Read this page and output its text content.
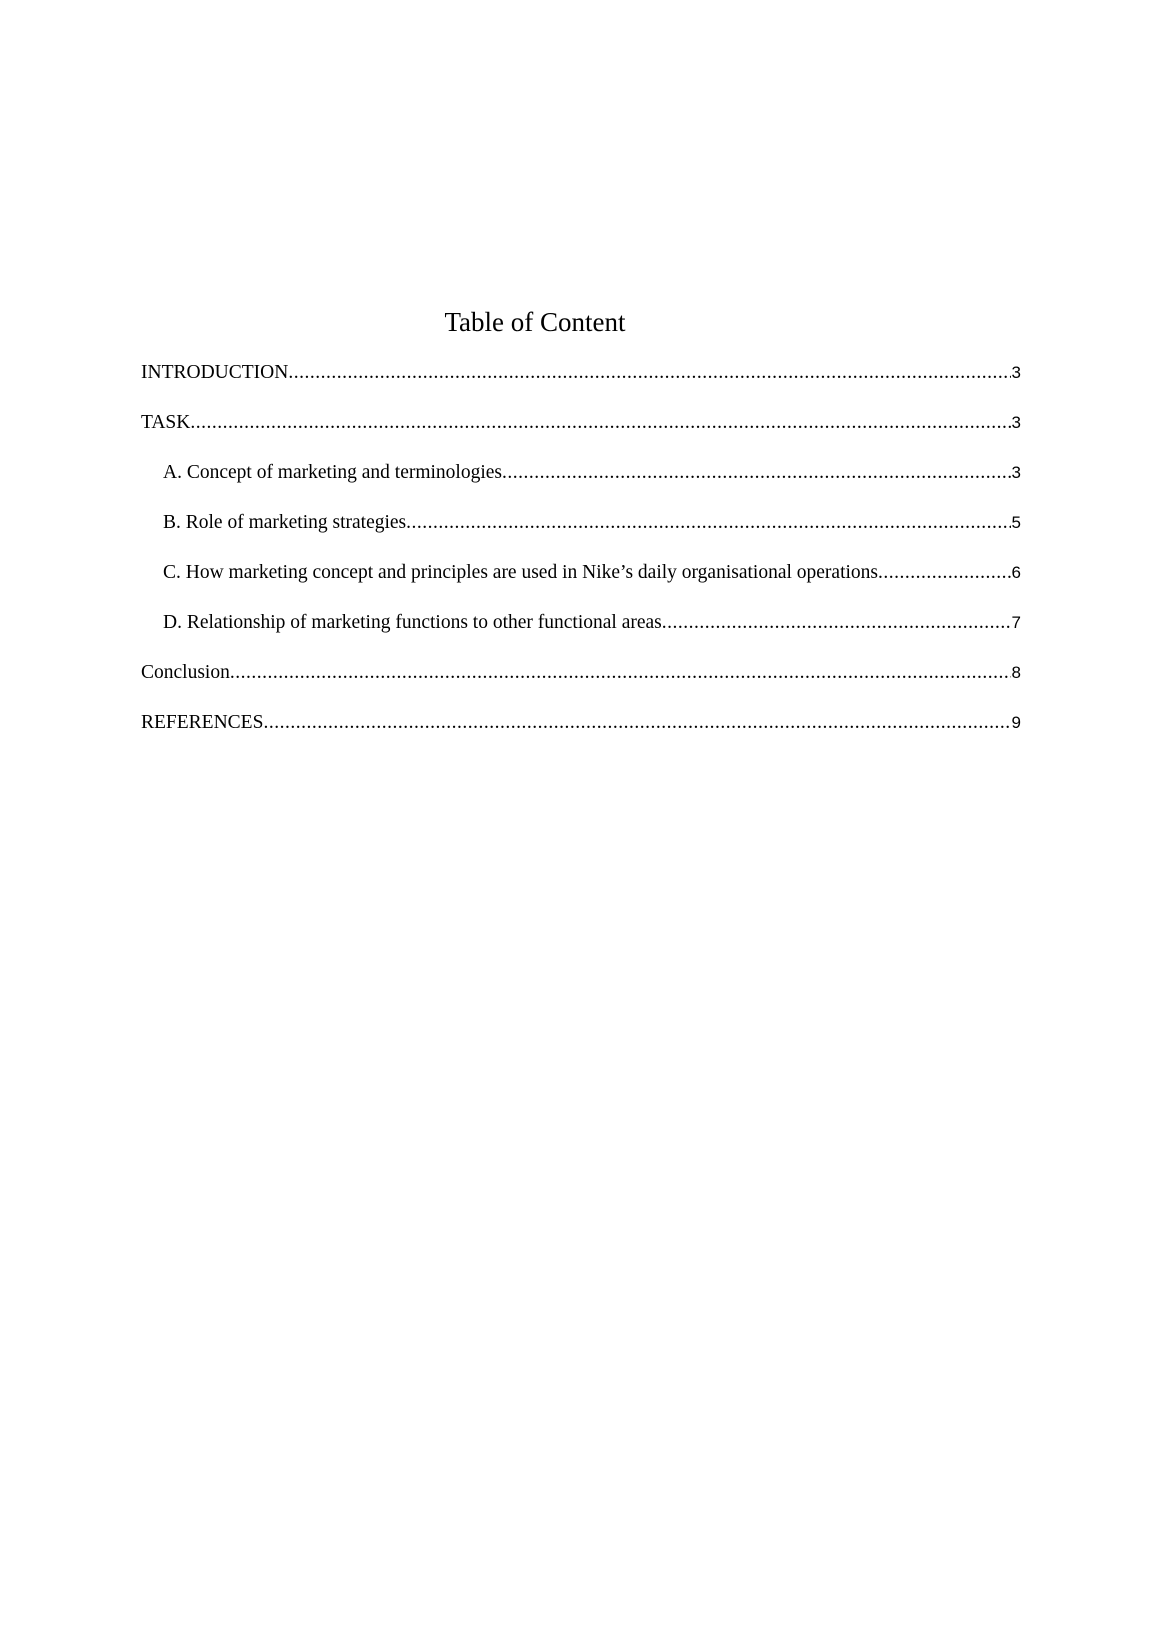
Table of Content
INTRODUCTION .....	3
TASK .....	3
A. Concept of marketing and terminologies .....	3
B. Role of marketing strategies .....	5
C. How marketing concept and principles are used in Nike’s daily organisational operations .....	6
D. Relationship of marketing functions to other functional areas .....	7
Conclusion .....	8
REFERENCES .....	9
